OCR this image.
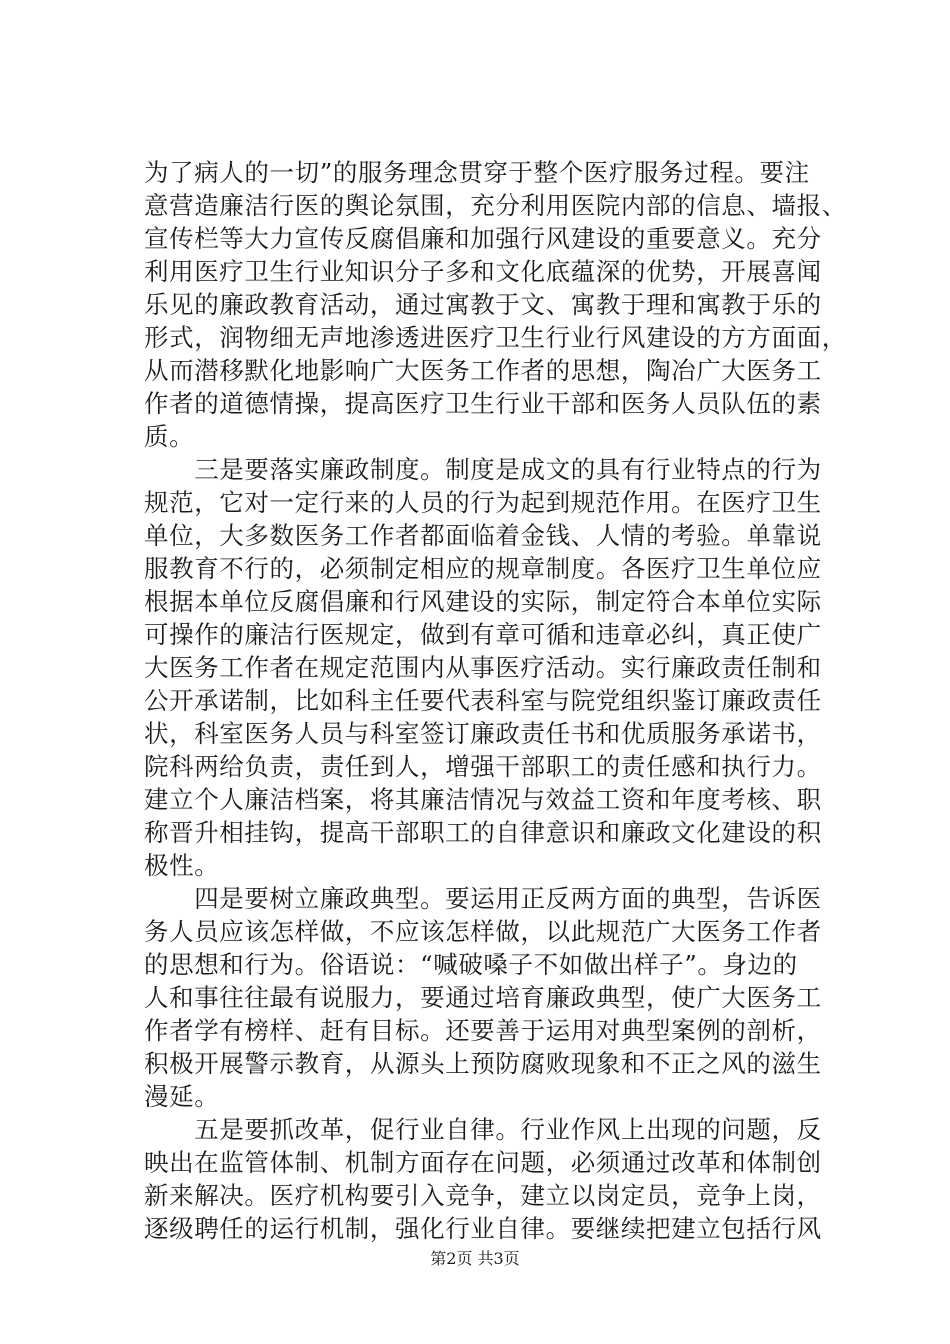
为了病人的一切”的服务理念贯穿于整个医疗服务过程。要注
意营造廉洁行医的舆论氛围，充分利用医院内部的信息、墙报、
宣传栏等大力宣传反腐倡廉和加强行风建设的重要意义。充分
利用医疗卫生行业知识分子多和文化底蕴深的优势，开展喜闻
乐见的廉政教育活动，通过寓教于文、寓教于理和寓教于乐的
形式，润物细无声地渗透进医疗卫生行业行风建设的方方面面，
从而潜移默化地影响广大医务工作者的思想，陶冶广大医务工
作者的道德情操，提高医疗卫生行业干部和医务人员队伍的素
质。
　　三是要落实廉政制度。制度是成文的具有行业特点的行为
规范，它对一定行来的人员的行为起到规范作用。在医疗卫生
单位，大多数医务工作者都面临着金钱、人情的考验。单靠说
服教育不行的，必须制定相应的规章制度。各医疗卫生单位应
根据本单位反腐倡廉和行风建设的实际，制定符合本单位实际
可操作的廉洁行医规定，做到有章可循和违章必纠，真正使广
大医务工作者在规定范围内从事医疗活动。实行廉政责任制和
公开承诺制，比如科主任要代表科室与院党组织鉴订廉政责任
状，科室医务人员与科室签订廉政责任书和优质服务承诺书，
院科两给负责，责任到人，增强干部职工的责任感和执行力。
建立个人廉洁档案，将其廉洁情况与效益工资和年度考核、职
称晋升相挂钩，提高干部职工的自律意识和廉政文化建设的积
极性。
　　四是要树立廉政典型。要运用正反两方面的典型，告诉医
务人员应该怎样做，不应该怎样做，以此规范广大医务工作者
的思想和行为。俗语说：“喊破嗓子不如做出样子”。身边的
人和事往往最有说服力，要通过培育廉政典型，使广大医务工
作者学有榜样、赶有目标。还要善于运用对典型案例的剖析，
积极开展警示教育，从源头上预防腐败现象和不正之风的滋生
漫延。
　　五是要抓改革，促行业自律。行业作风上出现的问题，反
映出在监管体制、机制方面存在问题，必须通过改革和体制创
新来解决。医疗机构要引入竞争，建立以岗定员，竞争上岗，
逐级聘任的运行机制，强化行业自律。要继续把建立包括行风
第2页 共3页
